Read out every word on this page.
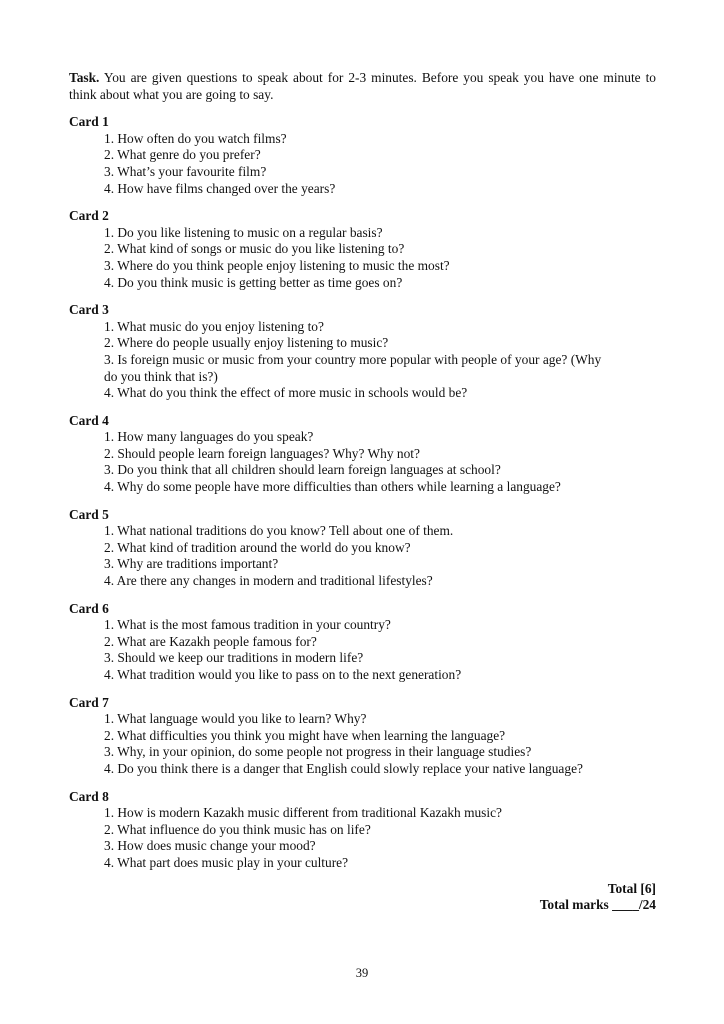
Task. You are given questions to speak about for 2-3 minutes. Before you speak you have one minute to think about what you are going to say.

Card 1
1. How often do you watch films?
2. What genre do you prefer?
3. What’s your favourite film?
4. How have films changed over the years?
Card 2
1. Do you like listening to music on a regular basis?
2. What kind of songs or music do you like listening to?
3. Where do you think people enjoy listening to music the most?
4. Do you think music is getting better as time goes on?
Card 3
1. What music do you enjoy listening to?
2. Where do people usually enjoy listening to music?
3. Is foreign music or music from your country more popular with people of your age? (Why
do you think that is?)
4. What do you think the effect of more music in schools would be?
Card 4
1. How many languages do you speak?
2. Should people learn foreign languages? Why? Why not?
3. Do you think that all children should learn foreign languages at school?
4. Why do some people have more difficulties than others while learning a language?
Card 5
1. What national traditions do you know? Tell about one of them.
2. What kind of tradition around the world do you know?
3. Why are traditions important?
4. Are there any changes in modern and traditional lifestyles?
Card 6
1. What is the most famous tradition in your country?
2. What are Kazakh people famous for?
3. Should we keep our traditions in modern life?
4. What tradition would you like to pass on to the next generation?
Card 7
1. What language would you like to learn? Why?
2. What difficulties you think you might have when learning the language?
3. Why, in your opinion, do some people not progress in their language studies?
4. Do you think there is a danger that English could slowly replace your native language?
Card 8
1. How is modern Kazakh music different from traditional Kazakh music?
2. What influence do you think music has on life?
3. How does music change your mood?
4. What part does music play in your culture?
Total [6]
Total marks ____/24
39
